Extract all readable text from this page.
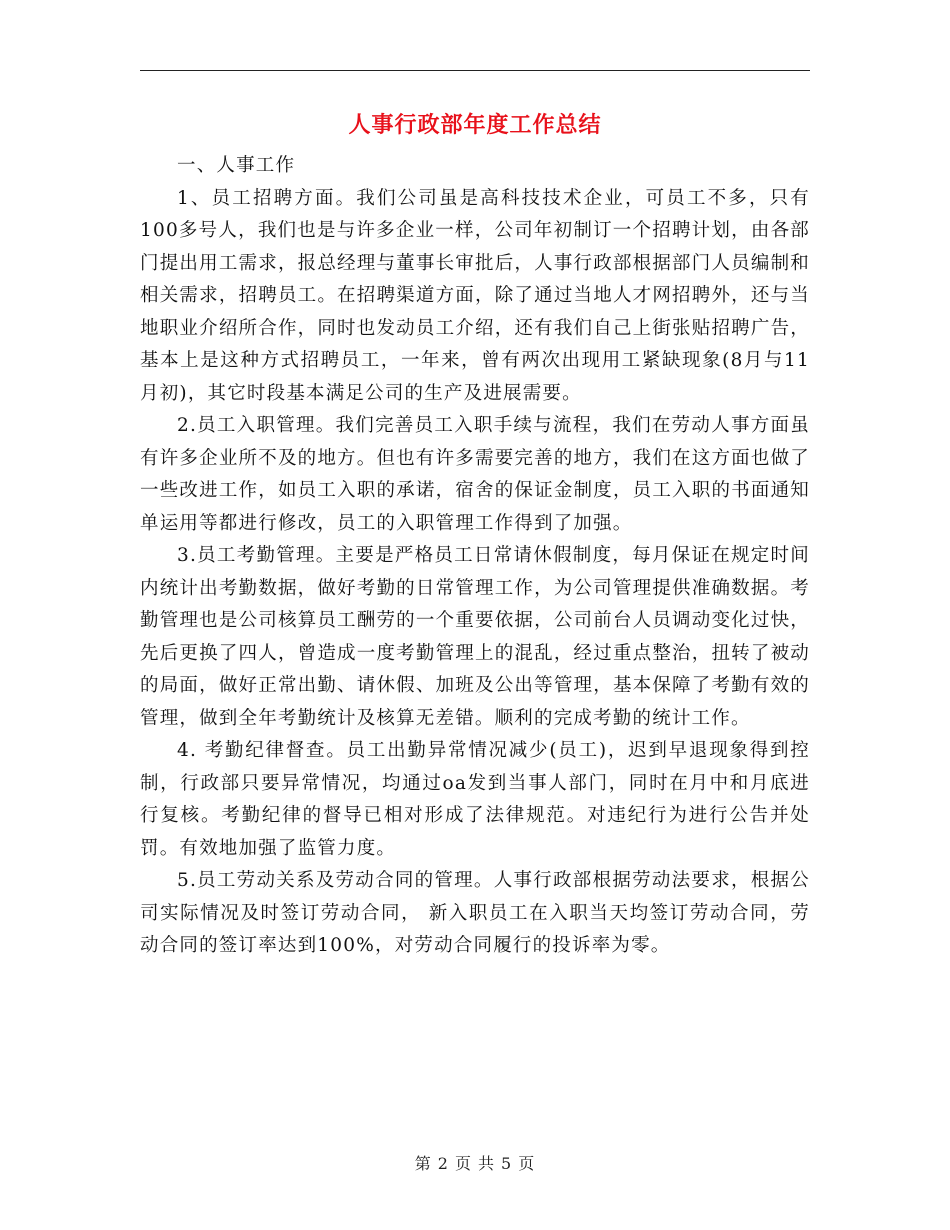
人事行政部年度工作总结

一、人事工作

1、员工招聘方面。我们公司虽是高科技技术企业，可员工不多，只有100多号人，我们也是与许多企业一样，公司年初制订一个招聘计划，由各部门提出用工需求，报总经理与董事长审批后，人事行政部根据部门人员编制和相关需求，招聘员工。在招聘渠道方面，除了通过当地人才网招聘外，还与当地职业介绍所合作，同时也发动员工介绍，还有我们自己上街张贴招聘广告，基本上是这种方式招聘员工，一年来，曾有两次出现用工紧缺现象(8月与11月初)，其它时段基本满足公司的生产及进展需要。

2.员工入职管理。我们完善员工入职手续与流程，我们在劳动人事方面虽有许多企业所不及的地方。但也有许多需要完善的地方，我们在这方面也做了一些改进工作，如员工入职的承诺，宿舍的保证金制度，员工入职的书面通知单运用等都进行修改，员工的入职管理工作得到了加强。

3.员工考勤管理。主要是严格员工日常请休假制度，每月保证在规定时间内统计出考勤数据，做好考勤的日常管理工作，为公司管理提供准确数据。考勤管理也是公司核算员工酬劳的一个重要依据，公司前台人员调动变化过快，先后更换了四人，曾造成一度考勤管理上的混乱，经过重点整治，扭转了被动的局面，做好正常出勤、请休假、加班及公出等管理，基本保障了考勤有效的管理，做到全年考勤统计及核算无差错。顺利的完成考勤的统计工作。

4. 考勤纪律督查。员工出勤异常情况减少(员工)，迟到早退现象得到控制，行政部只要异常情况，均通过oa发到当事人部门，同时在月中和月底进行复核。考勤纪律的督导已相对形成了法律规范。对违纪行为进行公告并处罚。有效地加强了监管力度。

5.员工劳动关系及劳动合同的管理。人事行政部根据劳动法要求，根据公司实际情况及时签订劳动合同， 新入职员工在入职当天均签订劳动合同，劳动合同的签订率达到100%，对劳动合同履行的投诉率为零。

第 2 页 共 5 页
